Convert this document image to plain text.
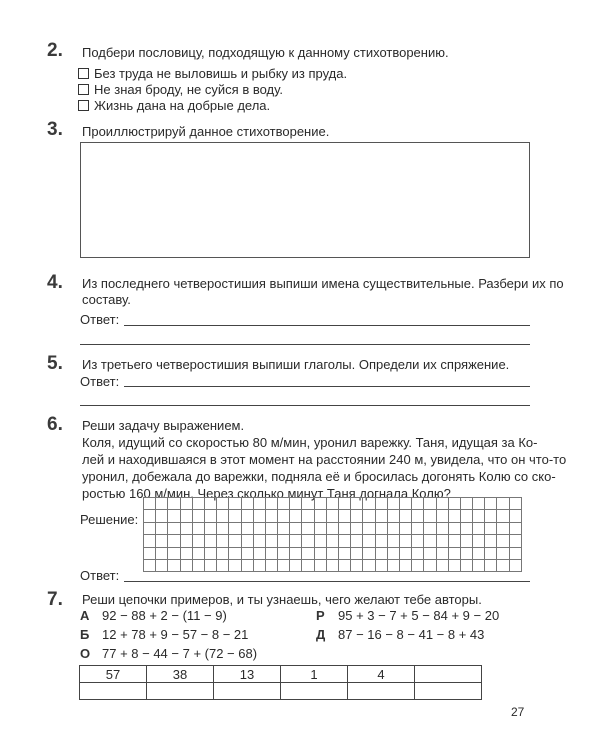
2. Подбери пословицу, подходящую к данному стихотворению.
Без труда не выловишь и рыбку из пруда.
Не зная броду, не суйся в воду.
Жизнь дана на добрые дела.
3. Проиллюстрируй данное стихотворение.
4. Из последнего четверостишия выпиши имена существительные. Разбери их по
составу.
Ответ:
5. Из третьего четверостишия выпиши глаголы. Определи их спряжение.
Ответ:
6. Реши задачу выражением.
Коля, идущий со скоростью 80 м/мин, уронил варежку. Таня, идущая за Ко-
лей и находившаяся в этот момент на расстоянии 240 м, увидела, что он что-то
уронил, добежала до варежки, подняла её и бросилась догонять Колю со ско-
ростью 160 м/мин. Через сколько минут Таня догнала Колю?
Решение:
Ответ:
7. Реши цепочки примеров, и ты узнаешь, чего желают тебе авторы.
А 92 − 88 + 2 − (11 − 9)
Б 12 + 78 + 9 − 57 − 8 − 21
О 77 + 8 − 44 − 7 + (72 − 68)
Р 95 + 3 − 7 + 5 − 84 + 9 − 20
Д 87 − 16 − 8 − 41 − 8 + 43
57	38	13	1	4	

27
